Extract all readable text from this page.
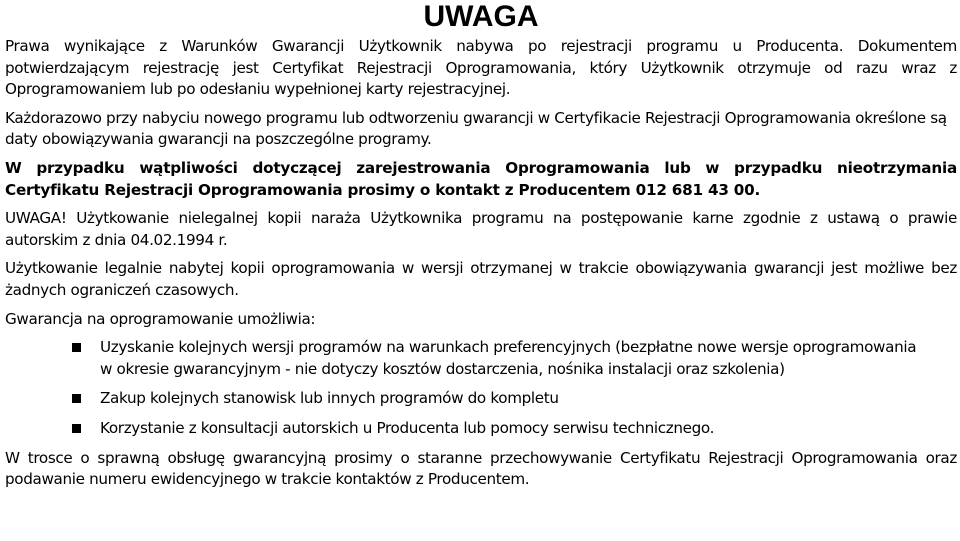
UWAGA

Prawa wynikające z Warunków Gwarancji Użytkownik nabywa po rejestracji programu u Producenta. Dokumentem potwierdzającym rejestrację jest Certyfikat Rejestracji Oprogramowania, który Użytkownik otrzymuje od razu wraz z Oprogramowaniem lub po odesłaniu wypełnionej karty rejestracyjnej.

Każdorazowo przy nabyciu nowego programu lub odtworzeniu gwarancji w Certyfikacie Rejestracji Oprogramowania określone są daty obowiązywania gwarancji na poszczególne programy.

W przypadku wątpliwości dotyczącej zarejestrowania Oprogramowania lub w przypadku nieotrzymania Certyfikatu Rejestracji Oprogramowania prosimy o kontakt z Producentem 012 681 43 00.

UWAGA! Użytkowanie nielegalnej kopii naraża Użytkownika programu na postępowanie karne zgodnie z ustawą o prawie autorskim z dnia 04.02.1994 r.

Użytkowanie legalnie nabytej kopii oprogramowania w wersji otrzymanej w trakcie obowiązywania gwarancji jest możliwe bez żadnych ograniczeń czasowych.

Gwarancja na oprogramowanie umożliwia:

Uzyskanie kolejnych wersji programów na warunkach preferencyjnych (bezpłatne nowe wersje oprogramowania
w okresie gwarancyjnym - nie dotyczy kosztów dostarczenia, nośnika instalacji oraz szkolenia)
Zakup kolejnych stanowisk lub innych programów do kompletu
Korzystanie z konsultacji autorskich u Producenta lub pomocy serwisu technicznego.

W trosce o sprawną obsługę gwarancyjną prosimy o staranne przechowywanie Certyfikatu Rejestracji Oprogramowania oraz podawanie numeru ewidencyjnego w trakcie kontaktów z Producentem.
